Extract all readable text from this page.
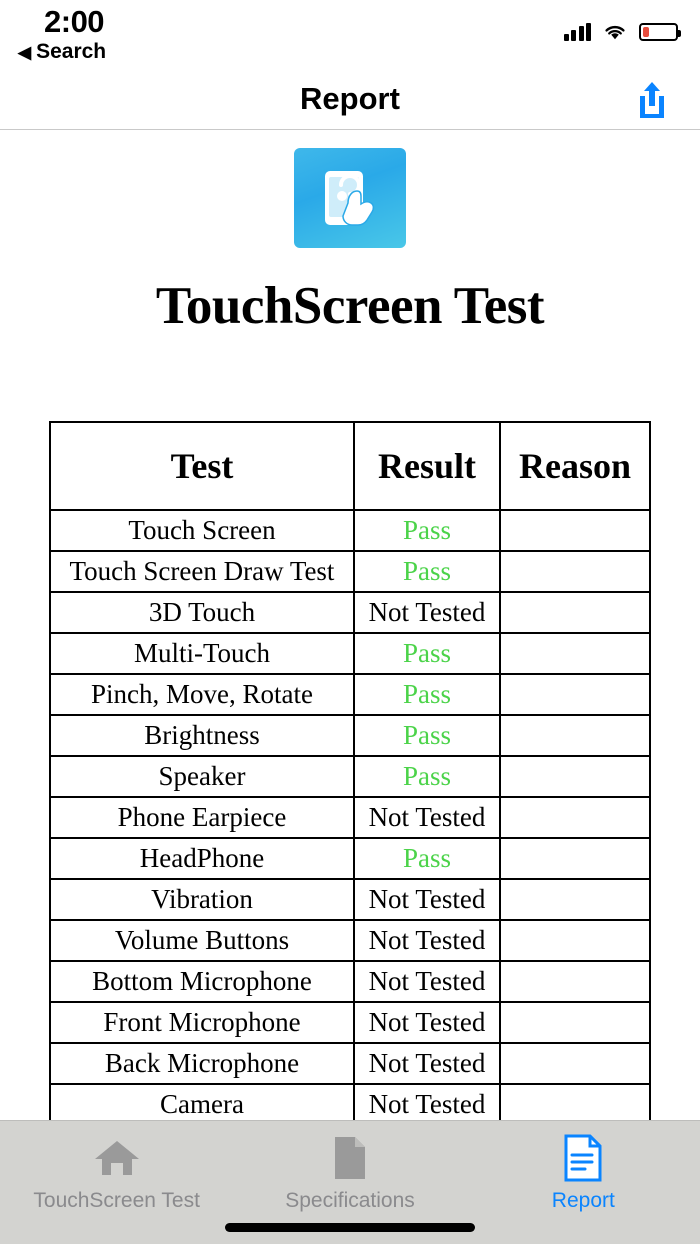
2:00
◀ Search
Report
TouchScreen Test
Test	Result	Reason
Touch Screen	Pass	
Touch Screen Draw Test	Pass	
3D Touch	Not Tested	
Multi-Touch	Pass	
Pinch, Move, Rotate	Pass	
Brightness	Pass	
Speaker	Pass	
Phone Earpiece	Not Tested	
HeadPhone	Pass	
Vibration	Not Tested	
Volume Buttons	Not Tested	
Bottom Microphone	Not Tested	
Front Microphone	Not Tested	
Back Microphone	Not Tested	
Camera	Not Tested	

TouchScreen Test	Specifications	Report
